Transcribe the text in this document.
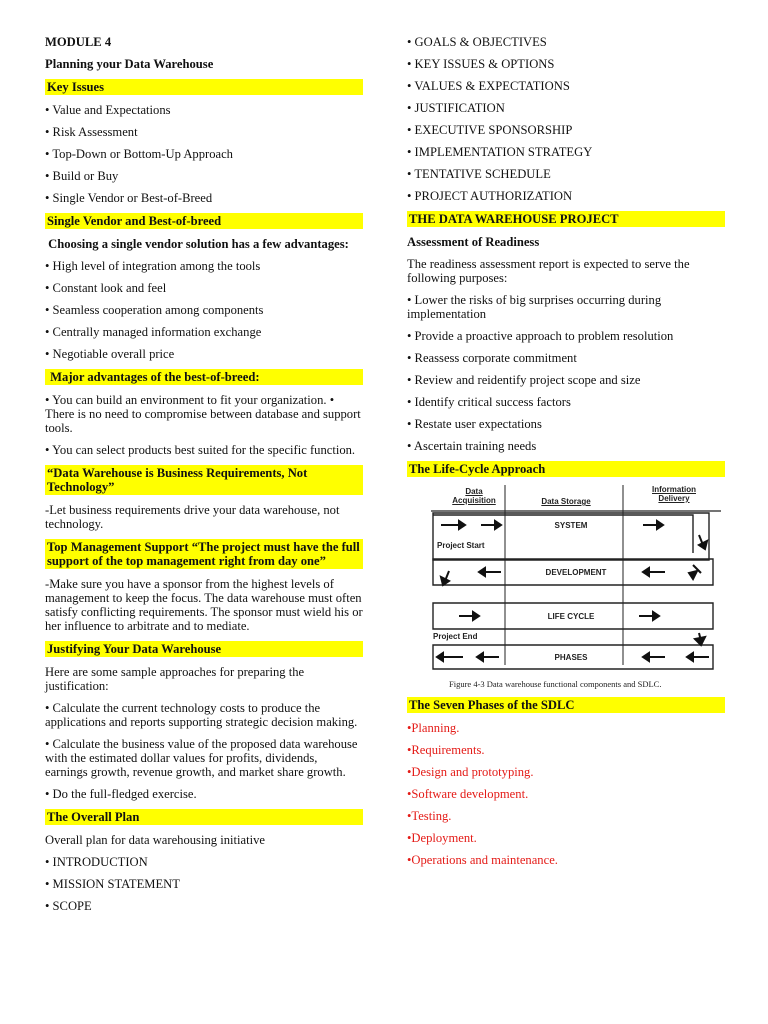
MODULE 4

Planning your Data Warehouse

Key Issues

• Value and Expectations

• Risk Assessment

• Top-Down or Bottom-Up Approach

• Build or Buy

• Single Vendor or Best-of-Breed

Single Vendor and Best-of-breed

Choosing a single vendor solution has a few advantages:

• High level of integration among the tools

• Constant look and feel

• Seamless cooperation among components

• Centrally managed information exchange

• Negotiable overall price

Major advantages of the best-of-breed:

• You can build an environment to fit your organization. • There is no need to compromise between database and support tools.

• You can select products best suited for the specific function.

“Data Warehouse is Business Requirements, Not Technology”

-Let business requirements drive your data warehouse, not technology.

Top Management Support “The project must have the full support of the top management right from day one”

-Make sure you have a sponsor from the highest levels of management to keep the focus. The data warehouse must often satisfy conflicting requirements. The sponsor must wield his or her influence to arbitrate and to mediate.

Justifying Your Data Warehouse

Here are some sample approaches for preparing the justification:

• Calculate the current technology costs to produce the applications and reports supporting strategic decision making.

• Calculate the business value of the proposed data warehouse with the estimated dollar values for profits, dividends, earnings growth, revenue growth, and market share growth.

• Do the full-fledged exercise.

The Overall Plan

Overall plan for data warehousing initiative

• INTRODUCTION

• MISSION STATEMENT

• SCOPE

• GOALS & OBJECTIVES

• KEY ISSUES & OPTIONS

• VALUES & EXPECTATIONS

• JUSTIFICATION

• EXECUTIVE SPONSORSHIP

• IMPLEMENTATION STRATEGY

• TENTATIVE SCHEDULE

• PROJECT AUTHORIZATION

THE DATA WAREHOUSE PROJECT

Assessment of Readiness

The readiness assessment report is expected to serve the following purposes:

• Lower the risks of big surprises occurring during implementation

• Provide a proactive approach to problem resolution

• Reassess corporate commitment

• Review and reidentify project scope and size

• Identify critical success factors

• Restate user expectations

• Ascertain training needs

The Life-Cycle Approach

Data Acquisition	Data Storage
Information Delivery
SYSTEM
Project Start
DEVELOPMENT
LIFE CYCLE
Project End
PHASES
Figure 4-3 Data warehouse functional components and SDLC.

The Seven Phases of the SDLC

•Planning.

•Requirements.

•Design and prototyping.

•Software development.

•Testing.

•Deployment.

•Operations and maintenance.
